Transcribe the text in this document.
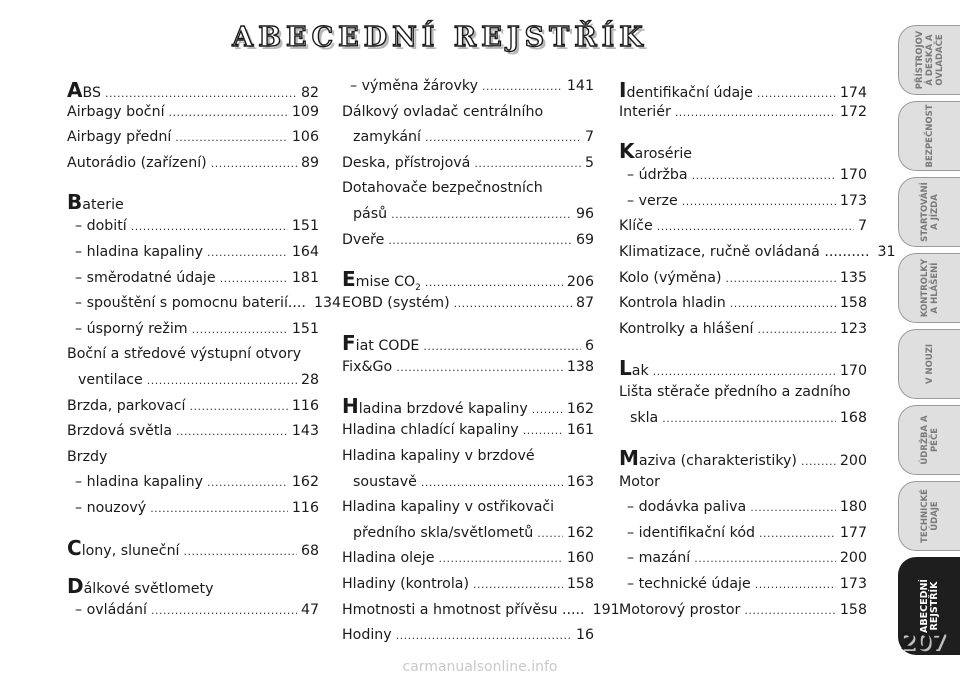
ABECEDNÍ REJSTŘÍK
ABS .....	82
Airbagy boční .....	109
Airbagy přední .....	106
Autorádio (zařízení) .....	89
Baterie
– dobití .....	151
– hladina kapaliny .....	164
– směrodatné údaje .....	181
– spouštění s pomocnu baterií.... 134
– úsporný režim .....	151
Boční a středové výstupní otvory
ventilace .....	28
Brzda, parkovací .....	116
Brzdová světla .....	143
Brzdy
– hladina kapaliny .....	162
– nouzový .....	116
Clony, sluneční .....	68
Dálkové světlomety
– ovládání .....	47
– výměna žárovky .....	141
Dálkový ovladač centrálního
zamykání .....	7
Deska, přístrojová .....	5
Dotahovače bezpečnostních
pásů .....	96
Dveře .....	69
Emise $CO_2$ .....	206
EOBD (systém) .....	87
Fiat CODE .....	6
Fix&Go .....	138
Hladina brzdové kapaliny .....	162
Hladina chladící kapaliny .....	161
Hladina kapaliny v brzdové
soustavě .....	163
Hladina kapaliny v ostřikovači
předního skla/světlometů ..... 162
Hladina oleje .....	160
Hladiny (kontrola) .....	158
Hmotnosti a hmotnost přívěsu ..... 191
Hodiny .....	16
Identifikační údaje .....	174
Interiér .....	172
Karosérie
– údržba .....	170
– verze .....	173
Klíče .....	7
Klimatizace, ručně ovládaná .......... 31
Kolo (výměna) .....	135
Kontrola hladin .....	158
Kontrolky a hlášení .....	123
Lak .....	170
Lišta stěrače předního a zadního
skla .....	168
Maziva (charakteristiky) .....	200
Motor
– dodávka paliva .....	180
– identifikační kód .....	177
– mazání .....	200
– technické údaje .....	173
Motorový prostor .....	158
PŘÍSTROJOV
Á DESKA A
OVLADAČE
BEZPEČNOST
STARTOVÁNÍ
A JÍZDA
KONTROLKY
A HLÁŠENÍ
V NOUZI
ÚDRŽBA A
PÉČE
TECHNICKÉ
ÚDAJE
ABECEDNÍ
REJSTŘÍK
207
carmanualsonline.info
